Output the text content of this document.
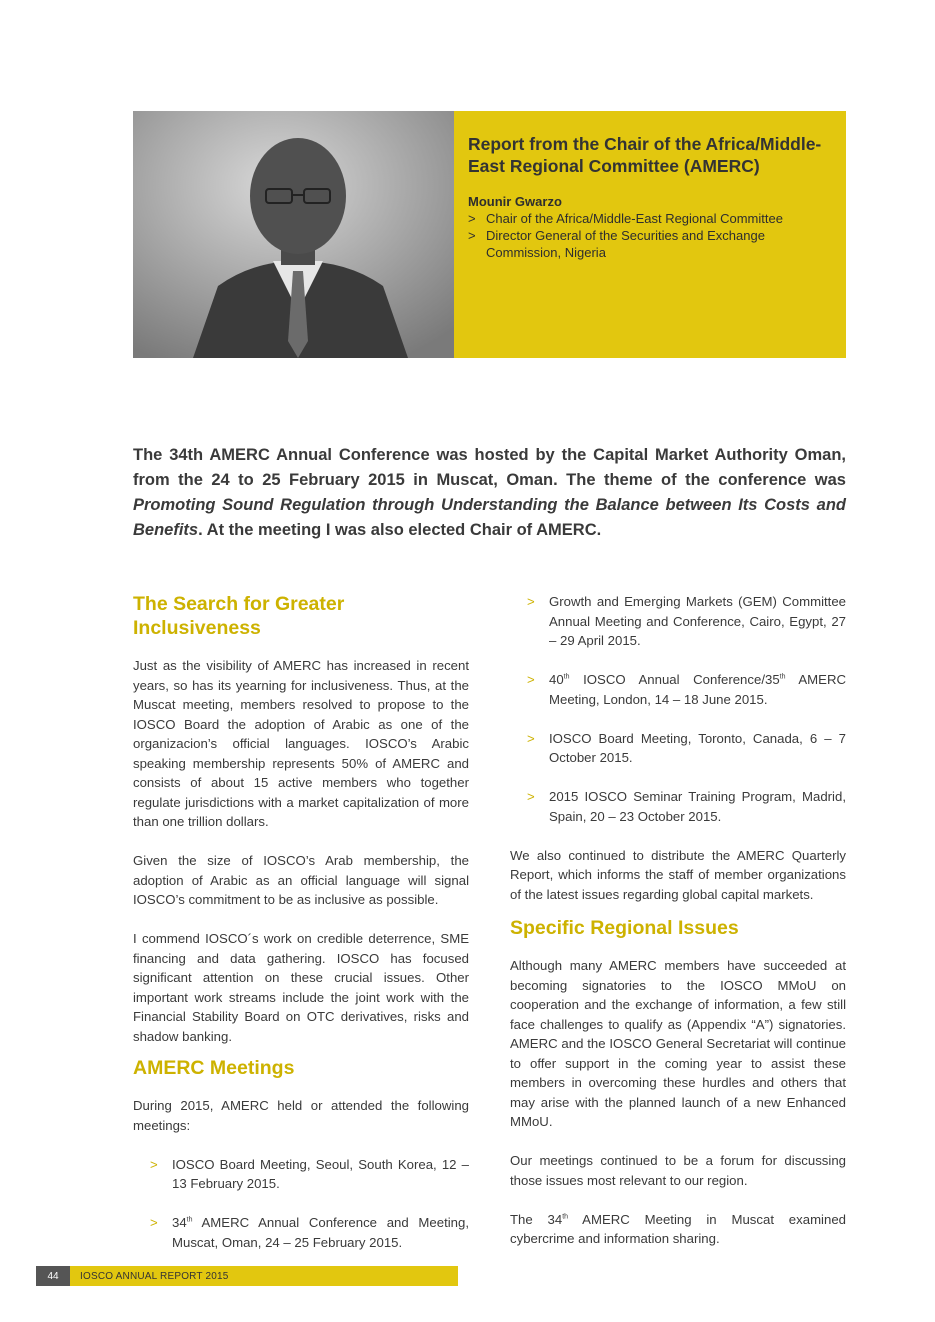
Report from the Chair of the Africa/Middle-East Regional Committee (AMERC)
Mounir Gwarzo
> Chair of the Africa/Middle-East Regional Committee
> Director General of the Securities and Exchange Commission, Nigeria
The 34th AMERC Annual Conference was hosted by the Capital Market Authority Oman, from the 24 to 25 February 2015 in Muscat, Oman. The theme of the conference was Promoting Sound Regulation through Understanding the Balance between Its Costs and Benefits. At the meeting I was also elected Chair of AMERC.
The Search for Greater Inclusiveness

Just as the visibility of AMERC has increased in recent years, so has its yearning for inclusiveness. Thus, at the Muscat meeting, members resolved to propose to the IOSCO Board the adoption of Arabic as one of the organizacion’s official languages. IOSCO’s Arabic speaking membership represents 50% of AMERC and consists of about 15 active members who together regulate jurisdictions with a market capitalization of more than one trillion dollars.

Given the size of IOSCO’s Arab membership, the adoption of Arabic as an official language will signal IOSCO’s commitment to be as inclusive as possible.

I commend IOSCO´s work on credible deterrence, SME financing and data gathering. IOSCO has focused significant attention on these crucial issues. Other important work streams include the joint work with the Financial Stability Board on OTC derivatives, risks and shadow banking.

AMERC Meetings

During 2015, AMERC held or attended the following meetings:

>	IOSCO Board Meeting, Seoul, South Korea, 12 – 13 February 2015.
>	34th AMERC Annual Conference and Meeting, Muscat, Oman, 24 – 25 February 2015.
>	Growth and Emerging Markets (GEM) Committee Annual Meeting and Conference, Cairo, Egypt, 27 – 29 April 2015.
>	40th IOSCO Annual Conference/35th AMERC Meeting, London, 14 – 18 June 2015.
>	IOSCO Board Meeting, Toronto, Canada, 6 – 7 October 2015.
>	2015 IOSCO Seminar Training Program, Madrid, Spain, 20 – 23 October 2015.

We also continued to distribute the AMERC Quarterly Report, which informs the staff of member organizations of the latest issues regarding global capital markets.

Specific Regional Issues

Although many AMERC members have succeeded at becoming signatories to the IOSCO MMoU on cooperation and the exchange of information, a few still face challenges to qualify as (Appendix “A”) signatories. AMERC and the IOSCO General Secretariat will continue to offer support in the coming year to assist these members in overcoming these hurdles and others that may arise with the planned launch of a new Enhanced MMoU.

Our meetings continued to be a forum for discussing those issues most relevant to our region.

The 34th AMERC Meeting in Muscat examined cybercrime and information sharing.

44	IOSCO ANNUAL REPORT 2015
